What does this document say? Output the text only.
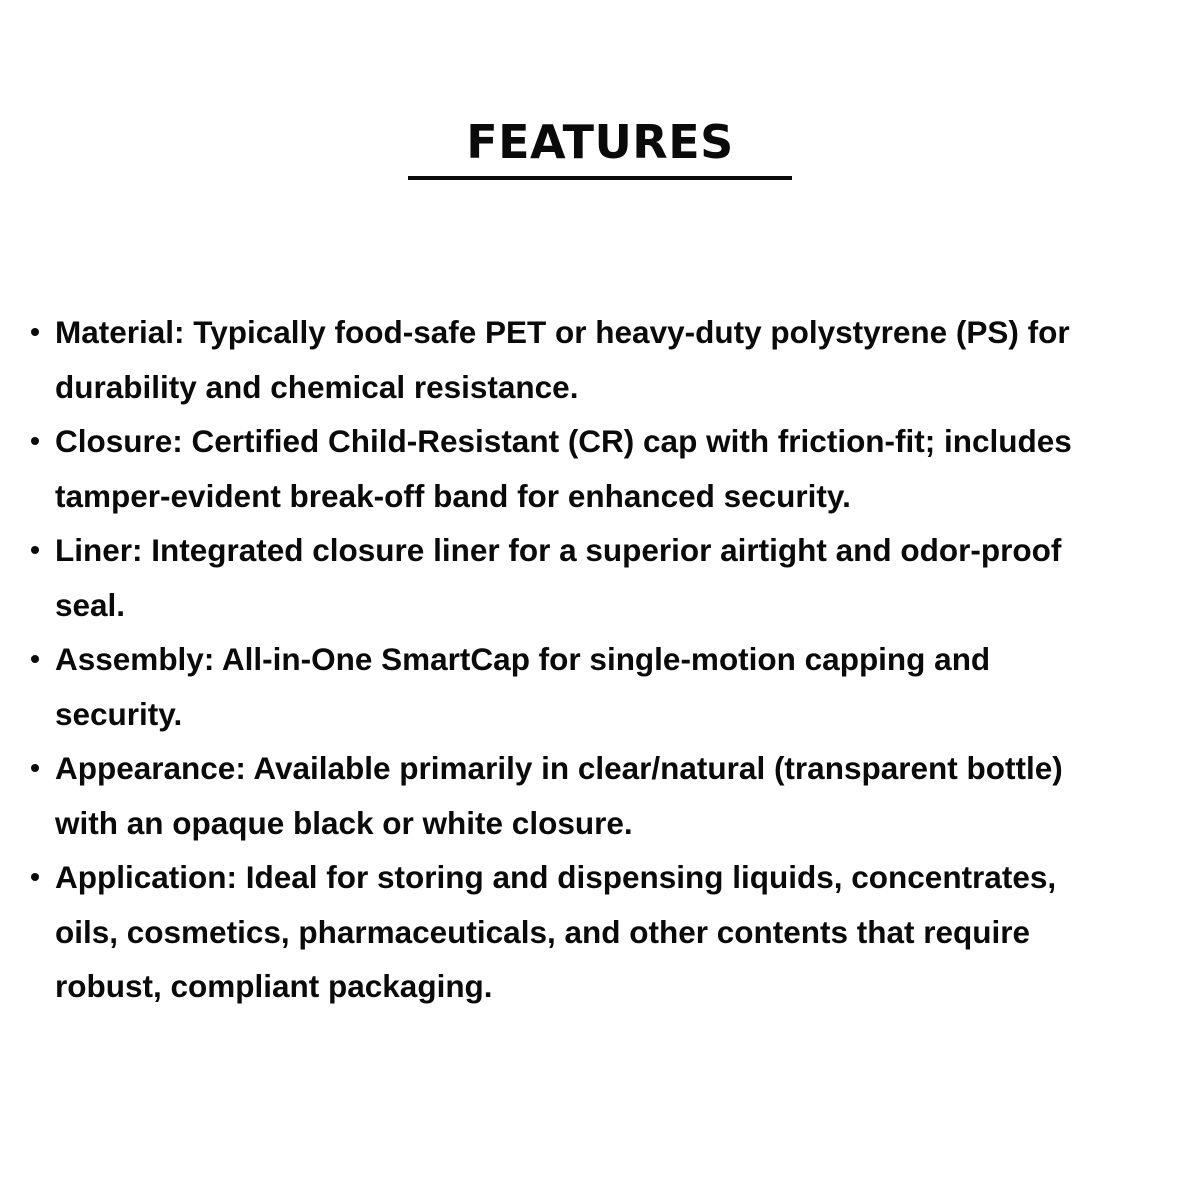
FEATURES
Material: Typically food-safe PET or heavy-duty polystyrene (PS) for
durability and chemical resistance.
Closure: Certified Child-Resistant (CR) cap with friction-fit; includes
tamper-evident break-off band for enhanced security.
Liner: Integrated closure liner for a superior airtight and odor-proof
seal.
Assembly: All-in-One SmartCap for single-motion capping and
security.
Appearance: Available primarily in clear/natural (transparent bottle)
with an opaque black or white closure.
Application: Ideal for storing and dispensing liquids, concentrates,
oils, cosmetics, pharmaceuticals, and other contents that require
robust, compliant packaging.
